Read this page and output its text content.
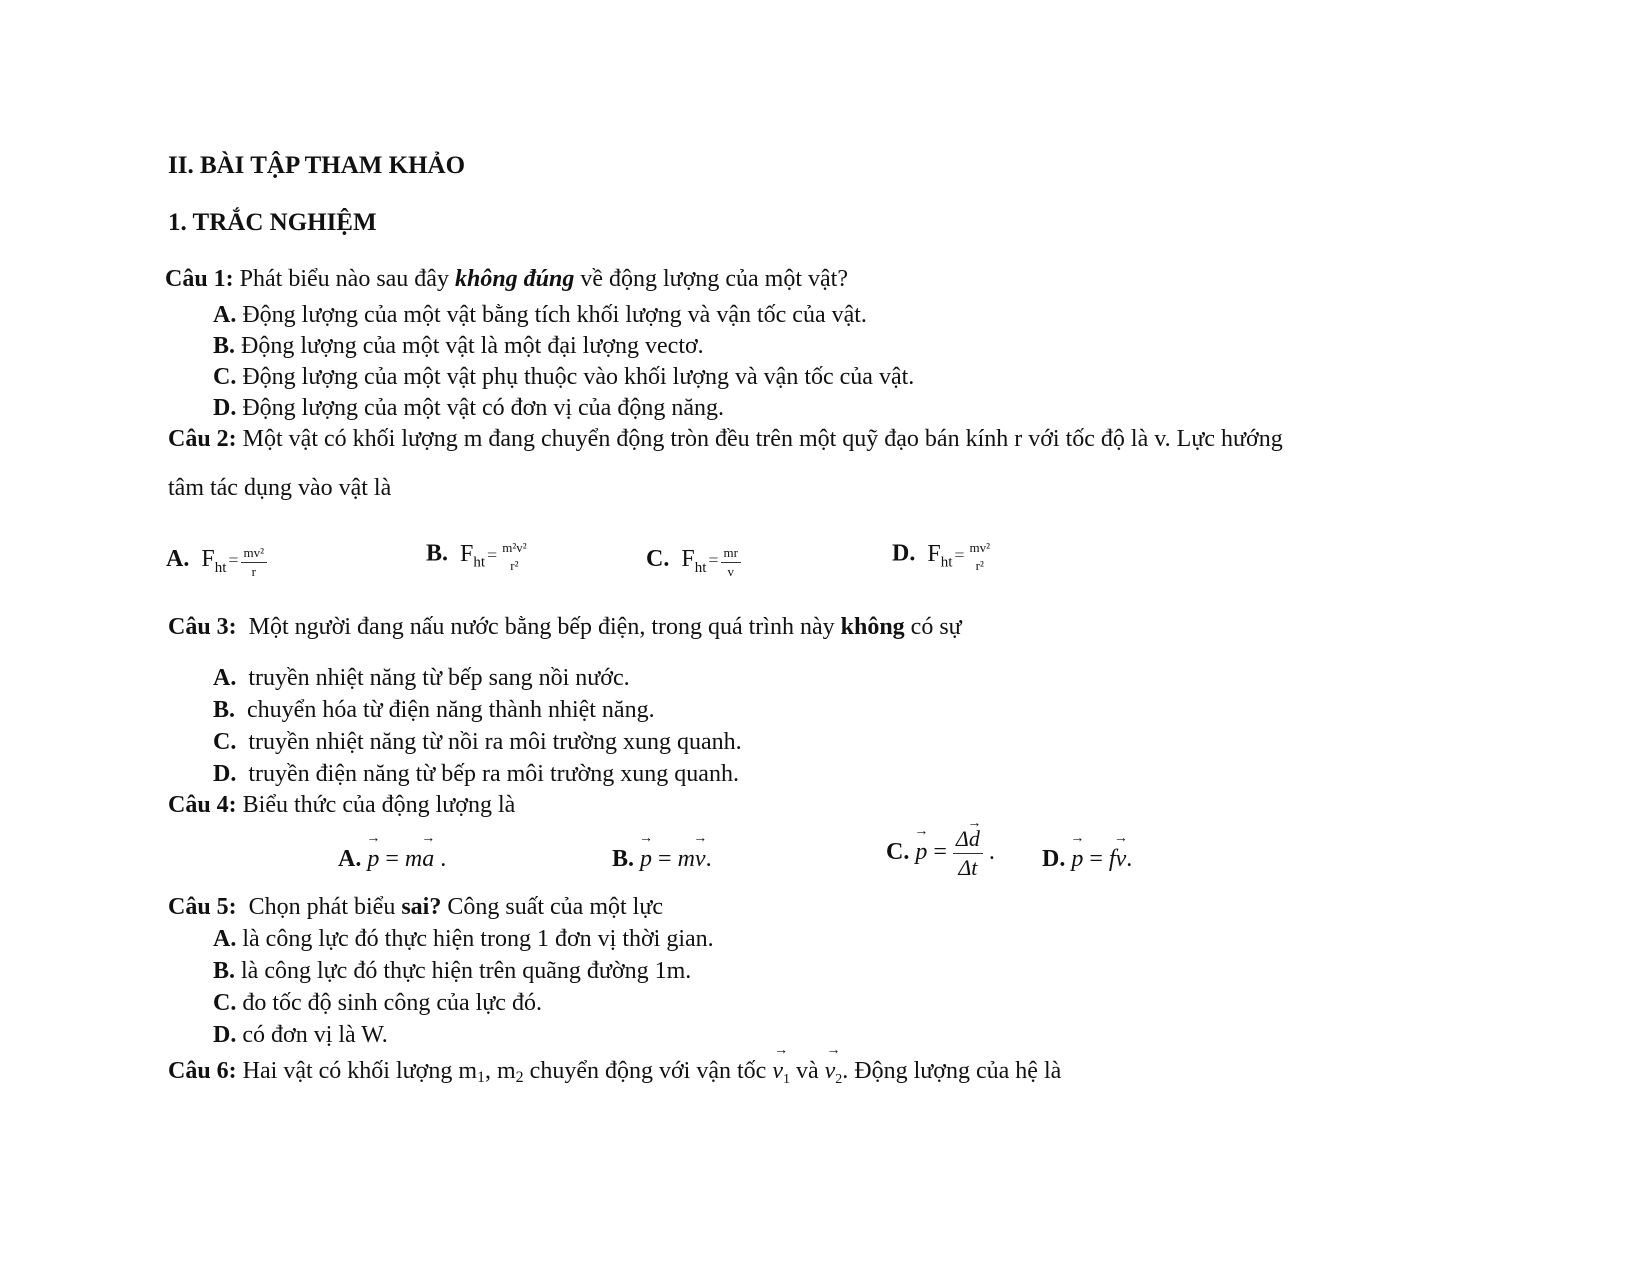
II. BÀI TẬP THAM KHẢO
1. TRẮC NGHIỆM
Câu 1: Phát biểu nào sau đây không đúng về động lượng của một vật?
A. Động lượng của một vật bằng tích khối lượng và vận tốc của vật.
B. Động lượng của một vật là một đại lượng vectơ.
C. Động lượng của một vật phụ thuộc vào khối lượng và vận tốc của vật.
D. Động lượng của một vật có đơn vị của động năng.
Câu 2: Một vật có khối lượng m đang chuyển động tròn đều trên một quỹ đạo bán kính r với tốc độ là v. Lực hướng
tâm tác dụng vào vật là
A. Fht = $\frac{\text{mv²}}{r}$	B. Fht = m²v²
r²	C. Fht = $\frac{mr}{v}$	D. Fht = mv²
r²
Câu 3: Một người đang nấu nước bằng bếp điện, trong quá trình này không có sự
A. truyền nhiệt năng từ bếp sang nồi nước.
B. chuyển hóa từ điện năng thành nhiệt năng.
C. truyền nhiệt năng từ nồi ra môi trường xung quanh.
D. truyền điện năng từ bếp ra môi trường xung quanh.
Câu 4: Biểu thức của động lượng là
A. → p = m→ a .	B. → p = m→ v.	C. → $p = \frac{\Delta\to d}{\Delta t}$ . D. → p = f→ v.
Câu 5: Chọn phát biểu sai? Công suất của một lực
A. là công lực đó thực hiện trong 1 đơn vị thời gian.
B. là công lực đó thực hiện trên quãng đường 1m.
C. đo tốc độ sinh công của lực đó.
D. có đơn vị là W.
Câu 6: Hai vật có khối lượng m1, m2 chuyển động với vận tốc → $v_1$ và → $v_2$. Động lượng của hệ là
